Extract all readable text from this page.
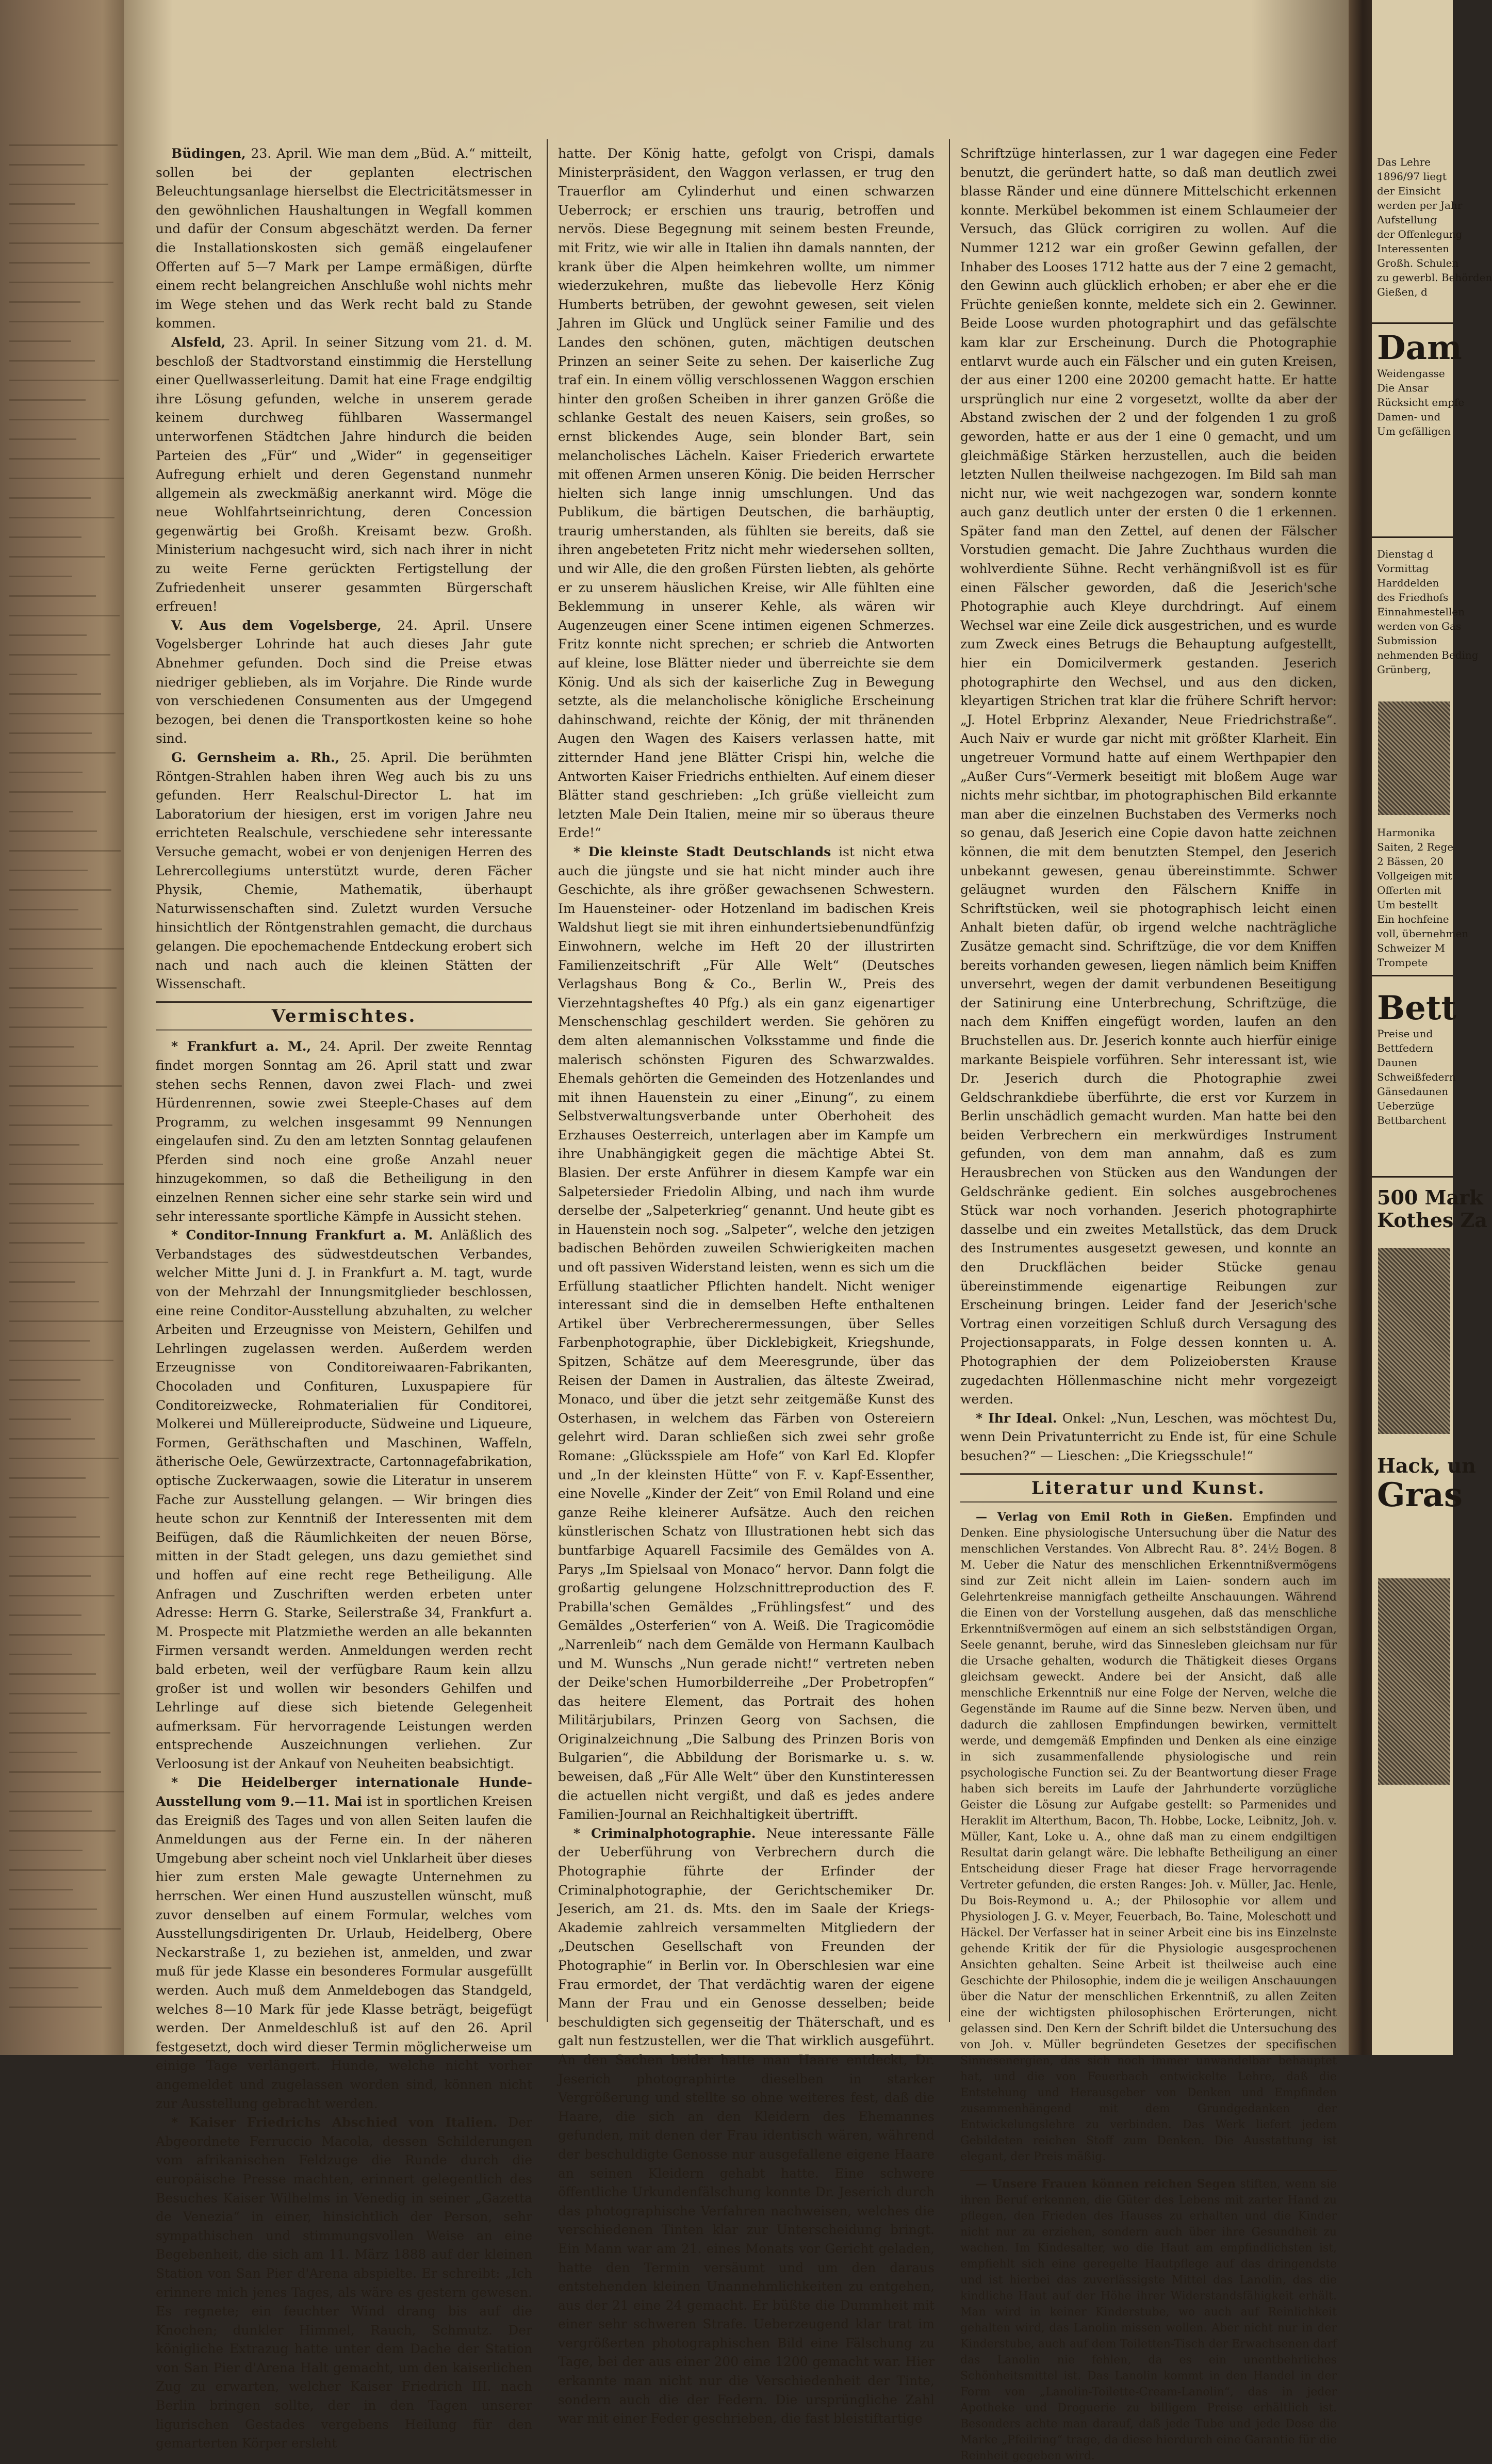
Büdingen, 23. April. Wie man dem „Büd. A.“ mitteilt, sollen bei der geplanten electrischen Beleuchtungsanlage hierselbst die Electricitätsmesser in den gewöhnlichen Haushaltungen in Wegfall kommen und dafür der Consum abgeschätzt werden. Da ferner die Installationskosten sich gemäß eingelaufener Offerten auf 5—7 Mark per Lampe ermäßigen, dürfte einem recht belangreichen Anschluße wohl nichts mehr im Wege stehen und das Werk recht bald zu Stande kommen.

Alsfeld, 23. April. In seiner Sitzung vom 21. d. M. beschloß der Stadtvorstand einstimmig die Herstellung einer Quellwasserleitung. Damit hat eine Frage endgiltig ihre Lösung gefunden, welche in unserem gerade keinem durchweg fühlbaren Wassermangel unterworfenen Städtchen Jahre hindurch die beiden Parteien des „Für“ und „Wider“ in gegenseitiger Aufregung erhielt und deren Gegenstand nunmehr allgemein als zweckmäßig anerkannt wird. Möge die neue Wohlfahrtseinrichtung, deren Concession gegenwärtig bei Großh. Kreisamt bezw. Großh. Ministerium nachgesucht wird, sich nach ihrer in nicht zu weite Ferne gerückten Fertigstellung der Zufriedenheit unserer gesammten Bürgerschaft erfreuen!

V. Aus dem Vogelsberge, 24. April. Unsere Vogelsberger Lohrinde hat auch dieses Jahr gute Abnehmer gefunden. Doch sind die Preise etwas niedriger geblieben, als im Vorjahre. Die Rinde wurde von verschiedenen Consumenten aus der Umgegend bezogen, bei denen die Transportkosten keine so hohe sind.

G. Gernsheim a. Rh., 25. April. Die berühmten Röntgen-Strahlen haben ihren Weg auch bis zu uns gefunden. Herr Realschul-Director L. hat im Laboratorium der hiesigen, erst im vorigen Jahre neu errichteten Realschule, verschiedene sehr interessante Versuche gemacht, wobei er von denjenigen Herren des Lehrercollegiums unterstützt wurde, deren Fächer Physik, Chemie, Mathematik, überhaupt Naturwissenschaften sind. Zuletzt wurden Versuche hinsichtlich der Röntgenstrahlen gemacht, die durchaus gelangen. Die epochemachende Entdeckung erobert sich nach und nach auch die kleinen Stätten der Wissenschaft.

Vermischtes.

* Frankfurt a. M., 24. April. Der zweite Renntag findet morgen Sonntag am 26. April statt und zwar stehen sechs Rennen, davon zwei Flach- und zwei Hürdenrennen, sowie zwei Steeple-Chases auf dem Programm, zu welchen insgesammt 99 Nennungen eingelaufen sind. Zu den am letzten Sonntag gelaufenen Pferden sind noch eine große Anzahl neuer hinzugekommen, so daß die Betheiligung in den einzelnen Rennen sicher eine sehr starke sein wird und sehr interessante sportliche Kämpfe in Aussicht stehen.

* Conditor-Innung Frankfurt a. M. Anläßlich des Verbandstages des südwestdeutschen Verbandes, welcher Mitte Juni d. J. in Frankfurt a. M. tagt, wurde von der Mehrzahl der Innungsmitglieder beschlossen, eine reine Conditor-Ausstellung abzuhalten, zu welcher Arbeiten und Erzeugnisse von Meistern, Gehilfen und Lehrlingen zugelassen werden. Außerdem werden Erzeugnisse von Conditoreiwaaren-Fabrikanten, Chocoladen und Confituren, Luxuspapiere für Conditoreizwecke, Rohmaterialien für Conditorei, Molkerei und Müllereiproducte, Südweine und Liqueure, Formen, Geräthschaften und Maschinen, Waffeln, ätherische Oele, Gewürzextracte, Cartonnagefabrikation, optische Zuckerwaagen, sowie die Literatur in unserem Fache zur Ausstellung gelangen. — Wir bringen dies heute schon zur Kenntniß der Interessenten mit dem Beifügen, daß die Räumlichkeiten der neuen Börse, mitten in der Stadt gelegen, uns dazu gemiethet sind und hoffen auf eine recht rege Betheiligung. Alle Anfragen und Zuschriften werden erbeten unter Adresse: Herrn G. Starke, Seilerstraße 34, Frankfurt a. M. Prospecte mit Platzmiethe werden an alle bekannten Firmen versandt werden. Anmeldungen werden recht bald erbeten, weil der verfügbare Raum kein allzu großer ist und wollen wir besonders Gehilfen und Lehrlinge auf diese sich bietende Gelegenheit aufmerksam. Für hervorragende Leistungen werden entsprechende Auszeichnungen verliehen. Zur Verloosung ist der Ankauf von Neuheiten beabsichtigt.

* Die Heidelberger internationale Hunde-Ausstellung vom 9.—11. Mai ist in sportlichen Kreisen das Ereigniß des Tages und von allen Seiten laufen die Anmeldungen aus der Ferne ein. In der näheren Umgebung aber scheint noch viel Unklarheit über dieses hier zum ersten Male gewagte Unternehmen zu herrschen. Wer einen Hund auszustellen wünscht, muß zuvor denselben auf einem Formular, welches vom Ausstellungsdirigenten Dr. Urlaub, Heidelberg, Obere Neckarstraße 1, zu beziehen ist, anmelden, und zwar muß für jede Klasse ein besonderes Formular ausgefüllt werden. Auch muß dem Anmeldebogen das Standgeld, welches 8—10 Mark für jede Klasse beträgt, beigefügt werden. Der Anmeldeschluß ist auf den 26. April festgesetzt, doch wird dieser Termin möglicherweise um einige Tage verlängert. Hunde, welche nicht vorher angemeldet und zugelassen worden sind, können nicht zur Ausstellung gebracht werden.

* Kaiser Friedrichs Abschied von Italien. Der Abgeordnete Ferruccio Macola, dessen Schilderungen vom afrikanischen Feldzuge die Runde durch die europäische Presse machten, erinnert gelegentlich des Besuches Kaiser Wilhelms in Venedig in seiner „Gazetta de Venezia“ in einer, hinsichtlich der Person, sehr sympathischen und stimmungsvollen Weise an eine Begebenheit, die sich am 11. März 1888 auf der kleinen Station von San Pier d'Arena abspielte. Er schreibt: „Ich erinnere mich jenes Tages, als wäre es gestern gewesen. Es regnete; ein feuchter Wind drang bis auf die Knochen; dunkler Himmel, Rauch, Schmutz. Der königliche Extrazug hatte unter dem Dache der Station von San Pier d'Arena Halt gemacht, um den kaiserlichen Zug zu erwarten, welcher Kaiser Friedrich III. nach Berlin bringen sollte, der in den Tagen unserer ligurischen Gestades vergebens Heilung für den gemarterten Körper ersleht

hatte. Der König hatte, gefolgt von Crispi, damals Ministerpräsident, den Waggon verlassen, er trug den Trauerflor am Cylinderhut und einen schwarzen Ueberrock; er erschien uns traurig, betroffen und nervös. Diese Begegnung mit seinem besten Freunde, mit Fritz, wie wir alle in Italien ihn damals nannten, der krank über die Alpen heimkehren wollte, um nimmer wiederzukehren, mußte das liebevolle Herz König Humberts betrüben, der gewohnt gewesen, seit vielen Jahren im Glück und Unglück seiner Familie und des Landes den schönen, guten, mächtigen deutschen Prinzen an seiner Seite zu sehen. Der kaiserliche Zug traf ein. In einem völlig verschlossenen Waggon erschien hinter den großen Scheiben in ihrer ganzen Größe die schlanke Gestalt des neuen Kaisers, sein großes, so ernst blickendes Auge, sein blonder Bart, sein melancholisches Lächeln. Kaiser Friederich erwartete mit offenen Armen unseren König. Die beiden Herrscher hielten sich lange innig umschlungen. Und das Publikum, die bärtigen Deutschen, die barhäuptig, traurig umherstanden, als fühlten sie bereits, daß sie ihren angebeteten Fritz nicht mehr wiedersehen sollten, und wir Alle, die den großen Fürsten liebten, als gehörte er zu unserem häuslichen Kreise, wir Alle fühlten eine Beklemmung in unserer Kehle, als wären wir Augenzeugen einer Scene intimen eigenen Schmerzes. Fritz konnte nicht sprechen; er schrieb die Antworten auf kleine, lose Blätter nieder und überreichte sie dem König. Und als sich der kaiserliche Zug in Bewegung setzte, als die melancholische königliche Erscheinung dahinschwand, reichte der König, der mit thränenden Augen den Wagen des Kaisers verlassen hatte, mit zitternder Hand jene Blätter Crispi hin, welche die Antworten Kaiser Friedrichs enthielten. Auf einem dieser Blätter stand geschrieben: „Ich grüße vielleicht zum letzten Male Dein Italien, meine mir so überaus theure Erde!“

* Die kleinste Stadt Deutschlands ist nicht etwa auch die jüngste und sie hat nicht minder auch ihre Geschichte, als ihre größer gewachsenen Schwestern. Im Hauensteiner- oder Hotzenland im badischen Kreis Waldshut liegt sie mit ihren einhundertsiebenundfünfzig Einwohnern, welche im Heft 20 der illustrirten Familienzeitschrift „Für Alle Welt“ (Deutsches Verlagshaus Bong & Co., Berlin W., Preis des Vierzehntagsheftes 40 Pfg.) als ein ganz eigenartiger Menschenschlag geschildert werden. Sie gehören zu dem alten alemannischen Volksstamme und finde die malerisch schönsten Figuren des Schwarzwaldes. Ehemals gehörten die Gemeinden des Hotzenlandes und mit ihnen Hauenstein zu einer „Einung“, zu einem Selbstverwaltungsverbande unter Oberhoheit des Erzhauses Oesterreich, unterlagen aber im Kampfe um ihre Unabhängigkeit gegen die mächtige Abtei St. Blasien. Der erste Anführer in diesem Kampfe war ein Salpetersieder Friedolin Albing, und nach ihm wurde derselbe der „Salpeterkrieg“ genannt. Und heute gibt es in Hauenstein noch sog. „Salpeter“, welche den jetzigen badischen Behörden zuweilen Schwierigkeiten machen und oft passiven Widerstand leisten, wenn es sich um die Erfüllung staatlicher Pflichten handelt. Nicht weniger interessant sind die in demselben Hefte enthaltenen Artikel über Verbrecherermessungen, über Selles Farbenphotographie, über Dicklebigkeit, Kriegshunde, Spitzen, Schätze auf dem Meeresgrunde, über das Reisen der Damen in Australien, das älteste Zweirad, Monaco, und über die jetzt sehr zeitgemäße Kunst des Osterhasen, in welchem das Färben von Ostereiern gelehrt wird. Daran schließen sich zwei sehr große Romane: „Glücksspiele am Hofe“ von Karl Ed. Klopfer und „In der kleinsten Hütte“ von F. v. Kapf-Essenther, eine Novelle „Kinder der Zeit“ von Emil Roland und eine ganze Reihe kleinerer Aufsätze. Auch den reichen künstlerischen Schatz von Illustrationen hebt sich das buntfarbige Aquarell Facsimile des Gemäldes von A. Parys „Im Spielsaal von Monaco“ hervor. Dann folgt die großartig gelungene Holzschnittreproduction des F. Prabilla'schen Gemäldes „Frühlingsfest“ und des Gemäldes „Osterferien“ von A. Weiß. Die Tragicomödie „Narrenleib“ nach dem Gemälde von Hermann Kaulbach und M. Wunschs „Nun gerade nicht!“ vertreten neben der Deike'schen Humorbilderreihe „Der Probetropfen“ das heitere Element, das Portrait des hohen Militärjubilars, Prinzen Georg von Sachsen, die Originalzeichnung „Die Salbung des Prinzen Boris von Bulgarien“, die Abbildung der Borismarke u. s. w. beweisen, daß „Für Alle Welt“ über den Kunstinteressen die actuellen nicht vergißt, und daß es jedes andere Familien-Journal an Reichhaltigkeit übertrifft.

* Criminalphotographie. Neue interessante Fälle der Ueberführung von Verbrechern durch die Photographie führte der Erfinder der Criminalphotographie, der Gerichtschemiker Dr. Jeserich, am 21. ds. Mts. den im Saale der Kriegs-Akademie zahlreich versammelten Mitgliedern der „Deutschen Gesellschaft von Freunden der Photographie“ in Berlin vor. In Oberschlesien war eine Frau ermordet, der That verdächtig waren der eigene Mann der Frau und ein Genosse desselben; beide beschuldigten sich gegenseitig der Thäterschaft, und es galt nun festzustellen, wer die That wirklich ausgeführt. An den Sachen beider hatte man Haare entdeckt, Dr. Jeserich photographirte dieselben in starker Vergrößerung und stellte so ohne weiteres fest, daß die Haare, die sich an den Kleidern des Ehemannes gefunden, mit denen der Frau identisch wären, während der beschuldigte Genosse nur ausgefallene eigene Haare an seinen Kleidern gehabt hatte. Eine schwere öffentliche Urkundenfälschung konnte Dr. Jeserich durch das photographische Verfahren nachweisen, welches die verschiedenen Tinten klar zur Unterscheidung bringt. Ein Mann war am 21. eines Monats vor Gericht geladen, hatte den Termin versäumt und um den daraus entstehenden kleinen Unannehmlichkeiten zu entgehen, aus der 21 eine 24 gemacht. Er büßte die Dummheit mit einer sehr schweren Strafe. Ueberzeugend klar trat im vergrößerten photographischen Bild eine Fälschung zu Tage, bei der aus einer 200 eine 1200 gemacht war. Hier erkannte man nicht nur die Verschiedenheit der Tinte, sondern auch die der Federn. Die ursprüngliche Zahl war mit einer Feder geschrieben, die fast bleistiftartige

Schriftzüge hinterlassen, zur 1 war dagegen eine Feder benutzt, die geründert hatte, so daß man deutlich zwei blasse Ränder und eine dünnere Mittelschicht erkennen konnte. Merkübel bekommen ist einem Schlaumeier der Versuch, das Glück corrigiren zu wollen. Auf die Nummer 1212 war ein großer Gewinn gefallen, der Inhaber des Looses 1712 hatte aus der 7 eine 2 gemacht, den Gewinn auch glücklich erhoben; er aber ehe er die Früchte genießen konnte, meldete sich ein 2. Gewinner. Beide Loose wurden photographirt und das gefälschte kam klar zur Erscheinung. Durch die Photographie entlarvt wurde auch ein Fälscher und ein guten Kreisen, der aus einer 1200 eine 20200 gemacht hatte. Er hatte ursprünglich nur eine 2 vorgesetzt, wollte da aber der Abstand zwischen der 2 und der folgenden 1 zu groß geworden, hatte er aus der 1 eine 0 gemacht, und um gleichmäßige Stärken herzustellen, auch die beiden letzten Nullen theilweise nachgezogen. Im Bild sah man nicht nur, wie weit nachgezogen war, sondern konnte auch ganz deutlich unter der ersten 0 die 1 erkennen. Später fand man den Zettel, auf denen der Fälscher Vorstudien gemacht. Die Jahre Zuchthaus wurden die wohlverdiente Sühne. Recht verhängnißvoll ist es für einen Fälscher geworden, daß die Jeserich'sche Photographie auch Kleye durchdringt. Auf einem Wechsel war eine Zeile dick ausgestrichen, und es wurde zum Zweck eines Betrugs die Behauptung aufgestellt, hier ein Domicilvermerk gestanden. Jeserich photographirte den Wechsel, und aus den dicken, kleyartigen Strichen trat klar die frühere Schrift hervor: „J. Hotel Erbprinz Alexander, Neue Friedrichstraße“. Auch Naiv er wurde gar nicht mit größter Klarheit. Ein ungetreuer Vormund hatte auf einem Werthpapier den „Außer Curs“-Vermerk beseitigt mit bloßem Auge war nichts mehr sichtbar, im photographischen Bild erkannte man aber die einzelnen Buchstaben des Vermerks noch so genau, daß Jeserich eine Copie davon hatte zeichnen können, die mit dem benutzten Stempel, den Jeserich unbekannt gewesen, genau übereinstimmte. Schwer geläugnet wurden den Fälschern Kniffe in Schriftstücken, weil sie photographisch leicht einen Anhalt bieten dafür, ob irgend welche nachträgliche Zusätze gemacht sind. Schriftzüge, die vor dem Kniffen bereits vorhanden gewesen, liegen nämlich beim Kniffen unversehrt, wegen der damit verbundenen Beseitigung der Satinirung eine Unterbrechung, Schriftzüge, die nach dem Kniffen eingefügt worden, laufen an den Bruchstellen aus. Dr. Jeserich konnte auch hierfür einige markante Beispiele vorführen. Sehr interessant ist, wie Dr. Jeserich durch die Photographie zwei Geldschrankdiebe überführte, die erst vor Kurzem in Berlin unschädlich gemacht wurden. Man hatte bei den beiden Verbrechern ein merkwürdiges Instrument gefunden, von dem man annahm, daß es zum Herausbrechen von Stücken aus den Wandungen der Geldschränke gedient. Ein solches ausgebrochenes Stück war noch vorhanden. Jeserich photographirte dasselbe und ein zweites Metallstück, das dem Druck des Instrumentes ausgesetzt gewesen, und konnte an den Druckflächen beider Stücke genau übereinstimmende eigenartige Reibungen zur Erscheinung bringen. Leider fand der Jeserich'sche Vortrag einen vorzeitigen Schluß durch Versagung des Projectionsapparats, in Folge dessen konnten u. A. Photographien der dem Polizeiobersten Krause zugedachten Höllenmaschine nicht mehr vorgezeigt werden.

* Ihr Ideal. Onkel: „Nun, Leschen, was möchtest Du, wenn Dein Privatunterricht zu Ende ist, für eine Schule besuchen?“ — Lieschen: „Die Kriegsschule!“

Literatur und Kunst.

— Verlag von Emil Roth in Gießen. Empfinden und Denken. Eine physiologische Untersuchung über die Natur des menschlichen Verstandes. Von Albrecht Rau. 8°. 24½ Bogen. 8 M. Ueber die Natur des menschlichen Erkenntnißvermögens sind zur Zeit nicht allein im Laien- sondern auch im Gelehrtenkreise mannigfach getheilte Anschauungen. Während die Einen von der Vorstellung ausgehen, daß das menschliche Erkenntnißvermögen auf einem an sich selbstständigen Organ, Seele genannt, beruhe, wird das Sinnesleben gleichsam nur für die Ursache gehalten, wodurch die Thätigkeit dieses Organs gleichsam geweckt. Andere bei der Ansicht, daß alle menschliche Erkenntniß nur eine Folge der Nerven, welche die Gegenstände im Raume auf die Sinne bezw. Nerven üben, und dadurch die zahllosen Empfindungen bewirken, vermittelt werde, und demgemäß Empfinden und Denken als eine einzige in sich zusammenfallende physiologische und rein psychologische Function sei. Zu der Beantwortung dieser Frage haben sich bereits im Laufe der Jahrhunderte vorzügliche Geister die Lösung zur Aufgabe gestellt: so Parmenides und Heraklit im Alterthum, Bacon, Th. Hobbe, Locke, Leibnitz, Joh. v. Müller, Kant, Loke u. A., ohne daß man zu einem endgiltigen Resultat darin gelangt wäre. Die lebhafte Betheiligung an einer Entscheidung dieser Frage hat dieser Frage hervorragende Vertreter gefunden, die ersten Ranges: Joh. v. Müller, Jac. Henle, Du Bois-Reymond u. A.; der Philosophie vor allem und Physiologen J. G. v. Meyer, Feuerbach, Bo. Taine, Moleschott und Häckel. Der Verfasser hat in seiner Arbeit eine bis ins Einzelnste gehende Kritik der für die Physiologie ausgesprochenen Ansichten gehalten. Seine Arbeit ist theilweise auch eine Geschichte der Philosophie, indem die je weiligen Anschauungen über die Natur der menschlichen Erkenntniß, zu allen Zeiten eine der wichtigsten philosophischen Erörterungen, nicht gelassen sind. Den Kern der Schrift bildet die Untersuchung des von Joh. v. Müller begründeten Gesetzes der specifischen Sinnesenergien, das sich noch immer unwandelbar behauptet hat, und die von Feuerbach entwickelte Lehre, daß die Entstehung und Herausgeber von Denken und Empfinden zusammenhängend mit dem Grundgedanken der Entwickelungslehre zu verbinden. Das Werk liefert jedem Gebildeten reichen Stoff zum Denken. Die Ausstattung ist elegant, der Preis mäßig.

— Unsere Frauen können reichen Segen stiften, wenn sie ihren Beruf erkennen, die Güter des Lebens mit zarter Hand zu pflegen, den Frieden des Hauses zu erhalten und die Kinder nicht nur zu erziehen, sondern auch über ihre Gesundheit zu wachen. Im Kindesalter, wo die Haut am empfindlichsten ist, empfiehlt sich eine geregelte Hautpflege auf das dringendste und ist hierbei das zuverlässigste Mittel das Lanolin, das die kindliche Haut auf der Höhe ihrer Widerstandsfähigkeit erhält. Man wird in keiner Kinderstube, wo auch auf Reinlichkeit gehalten wird, das Lanolin missen wollen. Aber nicht nur in der Kinderstube, auch auf dem Toiletten-Tisch der Erwachsenen darf das Lanolin nie fehlen, da es ein unentbehrliches Schönheitsmittel ist. Das Lanolin kommt in den Handel in der Form von „Lanolin-Toilette-Cream-Lanolin“, das in jeder Apotheke und Droguerie zu billigem Preise erhältlich ist. Besonders achte man darauf, daß jede Tube und jede Dose die Marke „Pfeilring“ trage, da diese hierdurch eine Garantie für die Reinheit gegeben wird.

Das Lehre
1896/97 liegt
der Einsicht
werden per Jahr
Aufstellung
der Offenlegung
Interessenten
Großh. Schulen
zu gewerbl. Behörden
Gießen, d
Dam
Weidengasse
Die Ansar
Rücksicht empfe
Damen- und
Um gefälligen
Dienstag d
Vormittag
Harddelden
des Friedhofs
Einnahmestellen
werden von Gas
Submission
nehmenden Beding
Grünberg,
Harmonika
Saiten, 2 Rege
2 Bässen, 20
Vollgeigen mit
Offerten mit
Um bestellt
Ein hochfeine
voll, übernehmen
Schweizer M
Trompete
Bett
Preise und
Bettfedern
Daunen
Schweißfedern
Gänsedaunen
Ueberzüge
Bettbarchent
500 Mark
Kothes Za
Hack, un
Gras
